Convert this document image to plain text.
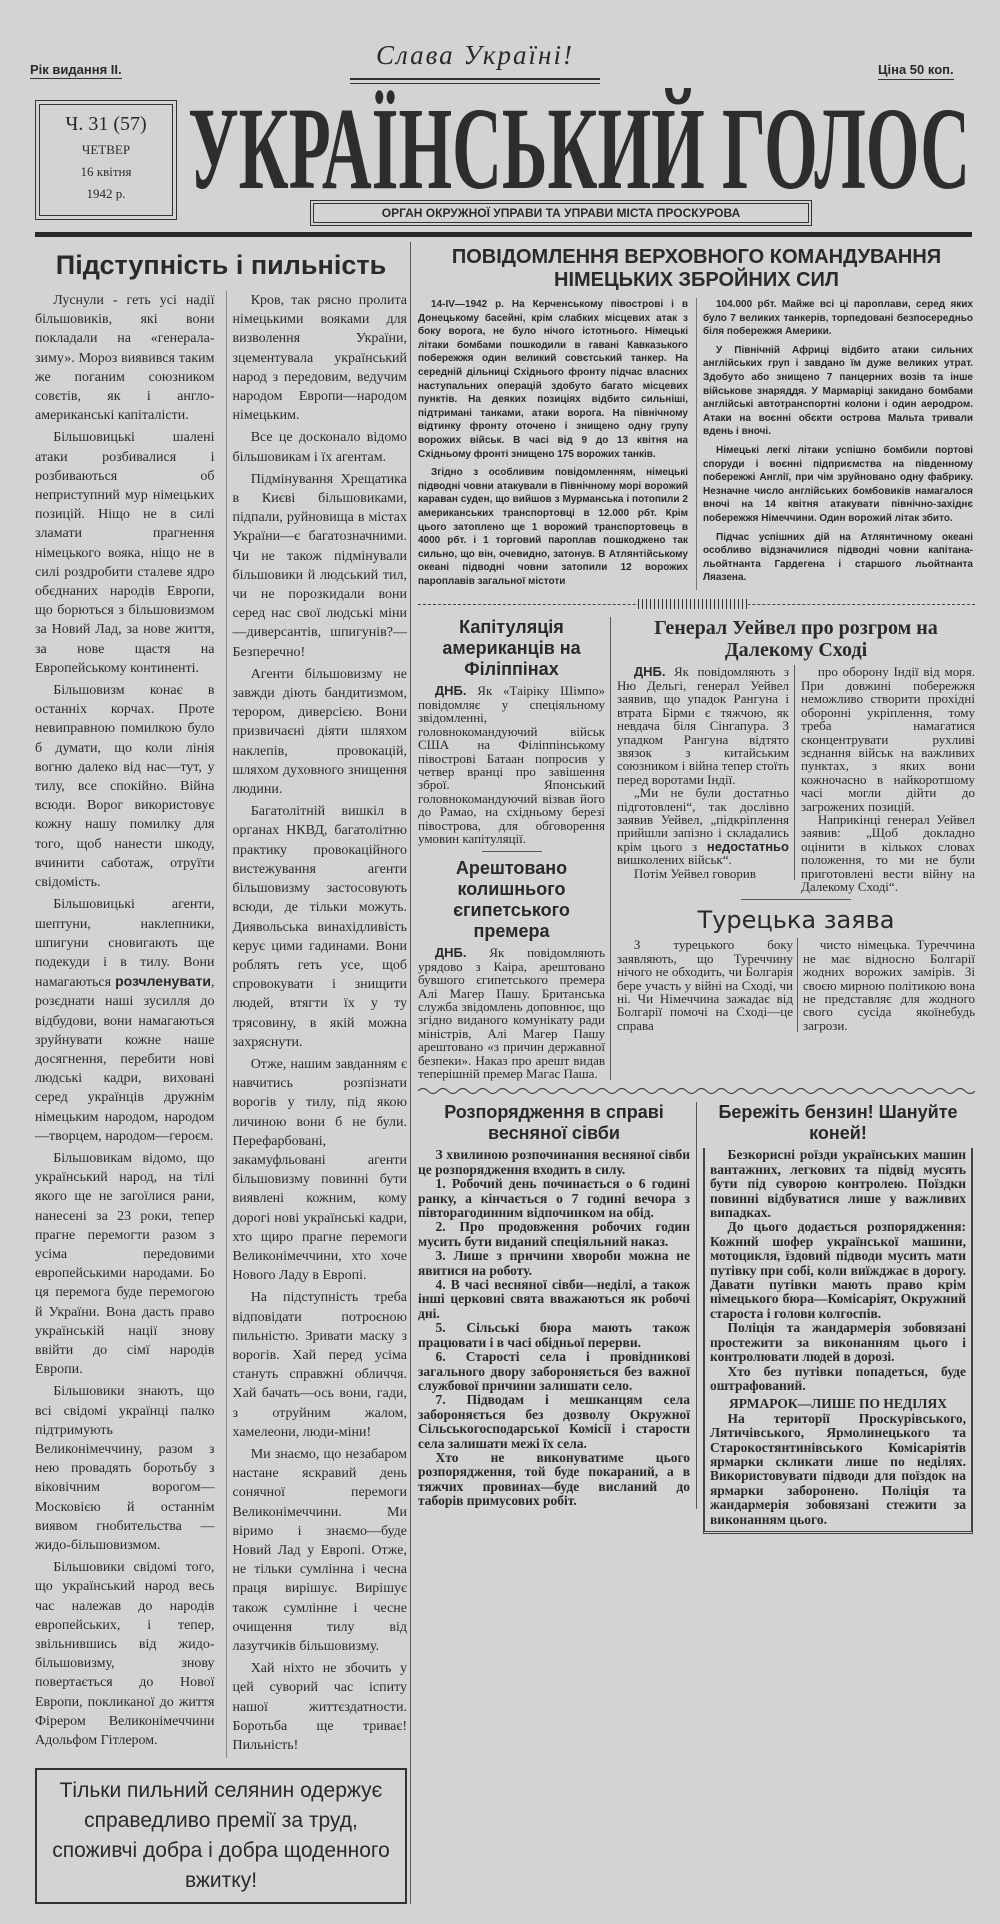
Рік видання II.	Слава Україні!	Ціна 50 коп.
Ч. 31 (57)
ЧЕТВЕР
16 квітня
1942 р. УКРАЇНСЬКИЙ ГОЛОС
ОРГАН ОКРУЖНОЇ УПРАВИ ТА УПРАВИ МІСТА ПРОСКУРОВА
Підступність і пильність

Луснули - геть усі надії більшовиків, які вони покладали на «генерала-зиму». Мороз виявився таким же поганим союзником совєтів, як і англо-американські капіталісти.

Більшовицькі шалені атаки розбивалися і розбиваються об неприступний мур німецьких позицій. Ніщо не в силі зламати прагнення німецького вояка, ніщо не в силі роздробити сталеве ядро обєднаних народів Европи, що борються з більшовизмом за Новий Лад, за нове життя, за нове щастя на Европейському континенті.

Більшовизм конає в останніх корчах. Проте невиправною помилкою було б думати, що коли лінія вогню далеко від нас—тут, у тилу, все спокійно. Війна всюди. Ворог використовує кожну нашу помилку для того, щоб нанести шкоду, вчинити саботаж, отруїти свідомість.

Більшовицькі агенти, шептуни, наклепники, шпигуни сновигають ще подекуди і в тилу. Вони намагаються розчленувати, розєднати наші зусилля до відбудови, вони намагаються зруйнувати кожне наше досягнення, перебити нові людські кадри, виховані серед українців дружнім німецьким народом, народом—творцем, народом—героєм.

Більшовикам відомо, що український народ, на тілі якого ще не загоїлися рани, нанесені за 23 роки, тепер прагне перемогти разом з усіма передовими европейськими народами. Бо ця перемога буде перемогою й України. Вона дасть право українській нації знову ввійти до сімї народів Европи.

Більшовики знають, що всі свідомі українці палко підтримують Великонімеччину, разом з нею провадять боротьбу з віковічним ворогом—Московією й останнім виявом гнобительства —жидо-більшовизмом.

Більшовики свідомі того, що український народ весь час належав до народів европейських, і тепер, звільнившись від жидо-більшовизму, знову повертається до Нової Европи, покликаної до життя Фірером Великонімеччини Адольфом Гітлером.

Кров, так рясно пролита німецькими вояками для визволення України, зцементувала український народ з передовим, ведучим народом Европи—народом німецьким.

Все це досконало відомо більшовикам і їх агентам.

Підмінування Хрещатика в Києві більшовиками, підпали, руйновища в містах України—є багатозначними. Чи не також підмінували більшовики й людський тил, чи не порозкидали вони серед нас свої людські міни—диверсантів, шпигунів?—Безперечно!

Агенти більшовизму не завжди діють бандитизмом, терором, диверсією. Вони призвичаєні діяти шляхом наклепів, провокацій, шляхом духовного знищення людини.

Багатолітній вишкіл в органах НКВД, багатолітню практику провокаційного вистежування агенти більшовизму застосовують всюди, де тільки можуть. Диявольська винахідливість керує цими гадинами. Вони роблять геть усе, щоб спровокувати і знищити людей, втягти їх у ту трясовину, в якій можна захряснути.

Отже, нашим завданням є навчитись розпізнати ворогів у тилу, під якою личиною вони б не були. Перефарбовані, закамуфльовані агенти більшовизму повинні бути виявлені кожним, кому дорогі нові українські кадри, хто щиро прагне перемоги Великонімеччини, хто хоче Нового Ладу в Европі.

На підступність треба відповідати потроєною пильністю. Зривати маску з ворогів. Хай перед усіма стануть справжні обличчя. Хай бачать—ось вони, гади, з отруйним жалом, хамелеони, люди-міни!

Ми знаємо, що незабаром настане яскравий день сонячної перемоги Великонімеччини. Ми віримо і знаємо—буде Новий Лад у Европі. Отже, не тільки сумлінна і чесна праця вирішує. Вирішує також сумлінне і чесне очищення тилу від лазутчиків більшовизму.

Хай ніхто не збочить у цей суворий час іспиту нашої життєздатности. Боротьба ще триває! Пильність!

Тільки пильний селянин одержує справедливо премії за труд, споживчі добра і добра щоденного вжитку!
ПОВІДОМЛЕННЯ ВЕРХОВНОГО КОМАНДУВАННЯ НІМЕЦЬКИХ ЗБРОЙНИХ СИЛ

14-IV—1942 р. На Керченському півострові і в Донецькому басейні, крім слабких місцевих атак з боку ворога, не було нічого істотнього. Німецькі літаки бомбами пошкодили в гавані Кавказького побережжя один великий совєтський танкер. На середній дільниці Східнього фронту підчас власних наступальних операцій здобуто багато місцевих пунктів. На деяких позиціях відбито сильніші, підтримані танками, атаки ворога. На північному відтинку фронту оточено і знищено одну групу ворожих військ. В часі від 9 до 13 квітня на Східньому фронті знищено 175 ворожих танків.

Згідно з особливим повідомленням, німецькі підводні човни атакували в Північному морі ворожий караван суден, що вийшов з Мурманська і потопили 2 американських транспортовці в 12.000 рбт. Крім цього затоплено ще 1 ворожий транспортовець в 4000 рбт. і 1 торговий пароплав пошкоджено так сильно, що він, очевидно, затонув. В Атлянтійському океані підводні човни затопили 12 ворожих пароплавів загальної містоти

104.000 рбт. Майже всі ці пароплави, серед яких було 7 великих танкерів, торпедовані безпосередньо біля побережжя Америки.

У Північній Африці відбито атаки сильних англійських груп і завдано їм дуже великих утрат. Здобуто або знищено 7 панцерних возів та інше військове знаряддя. У Мармаріці закидано бомбами англійські автотранспортні колони і один аеродром. Атаки на воєнні обєкти острова Мальта тривали вдень і вночі.

Німецькі легкі літаки успішно бомбили портові споруди і воєнні підприємства на південному побережжі Англії, при чім зруйновано одну фабрику. Незначне число англійських бомбовиків намагалося вночі на 14 квітня атакувати північно-західнє побережжя Німеччини. Один ворожий літак збито.

Підчас успішних дій на Атлянтичному океані особливо відзначилися підводні човни капітана-льойтнанта Гардегена і старшого льойтнанта Ляазена.

Капітуляція американців на Філіппінах

ДНБ. Як «Таіріку Шімпо» повідомляє у спеціяльному звідомленні, головнокомандуючий військ США на Філіппінському півострові Батаан попросив у четвер вранці про завішення зброї. Японський головнокомандуючий візвав його до Рамао, на східньому березі півострова, для обговорення умовин капітуляції.

Арештовано колишнього єгипетського премера

ДНБ. Як повідомляють урядово з Каіра, арештовано бувшого єгипетського премера Алі Магер Пашу. Британська служба звідомлень доповнює, що згідно виданого комунікату ради міністрів, Алі Магер Пашу арештовано «з причин державної безпеки». Наказ про арешт видав теперішній премер Магас Паша.

Генерал Уейвел про розгром на Далекому Сході

ДНБ. Як повідомляють з Ню Дельгі, генерал Уейвел заявив, що упадок Рангуна і втрата Бірми є тяжчою, як невдача біля Сінгапура. З упадком Рангуна відтято звязок з китайським союзником і війна тепер стоїть перед воротами Індії.

„Ми не були достатньо підготовлені“, так дослівно заявив Уейвел, „підкріплення прийшли запізно і складались крім цього з недостатньо вишколених військ“.

Потім Уейвел говорив

про оборону Індії від моря. При довжині побережжя неможливо створити прохідні оборонні укріплення, тому треба намагатися сконцентрувати рухливі зєднання військ на важливих пунктах, з яких вони кожночасно в найкоротшому часі могли дійти до загрожених позицій.

Наприкінці генерал Уейвел заявив: „Щоб докладно оцінити в кількох словах положення, то ми не були приготовлені вести війну на Далекому Сході“.

Турецька заява

З турецького боку заявляють, що Туреччину нічого не обходить, чи Болгарія бере участь у війні на Сході, чи ні. Чи Німеччина зажадає від Болгарії помочі на Сході—це справа

чисто німецька. Туреччина не має відносно Болгарії жодних ворожих замірів. Зі своєю мирною політикою вона не представляє для жодного свого сусіда якоїнебудь загрози.

Розпорядження в справі весняної сівби

З хвилиною розпочинання весняної сівби це розпорядження входить в силу.

1. Робочий день починається о 6 годині ранку, а кінчається о 7 годині вечора з півторагодинним відпочинком на обід.

2. Про продовження робочих годин мусить бути виданий спеціяльний наказ.

3. Лише з причини хвороби можна не явитися на роботу.

4. В часі весняної сівби—неділі, а також інші церковні свята вважаються як робочі дні.

5. Сільські бюра мають також працювати і в часі обідньої перерви.

6. Старості села і провідникові загального двору забороняється без важної службової причини залишати село.

7. Підводам і мешканцям села забороняється без дозволу Окружної Сільськогосподарської Комісії і старости села залишати межі їх села.

Хто не виконуватиме цього розпорядження, той буде покараний, а в тяжчих провинах—буде висланий до таборів примусових робіт.

Бережіть бензин! Шануйте коней!

Безкорисні роїзди українських машин вантажних, легкових та підвід мусять бути під суворою контролею. Поїздки повинні відбуватися лише у важливих випадках.

До цього додається розпорядження: Кожний шофер української машини, мотоцикля, їздовий підводи мусить мати путівку при собі, коли виїжджає в дорогу. Давати путівки мають право крім німецького бюра—Комісаріят, Окружний староста і голови колгоспів.

Поліція та жандармерія зобовязані простежити за виконанням цього і контролювати людей в дорозі.

Хто без путівки попадеться, буде оштрафований.

ЯРМАРОК—ЛИШЕ ПО НЕДІЛЯХ

На території Проскурівського, Лятичівського, Ярмолинецького та Старокостянтинівського Комісаріятів ярмарки скликати лише по неділях. Використовувати підводи для поїздок на ярмарки заборонено. Поліція та жандармерія зобовязані стежити за виконанням цього.
